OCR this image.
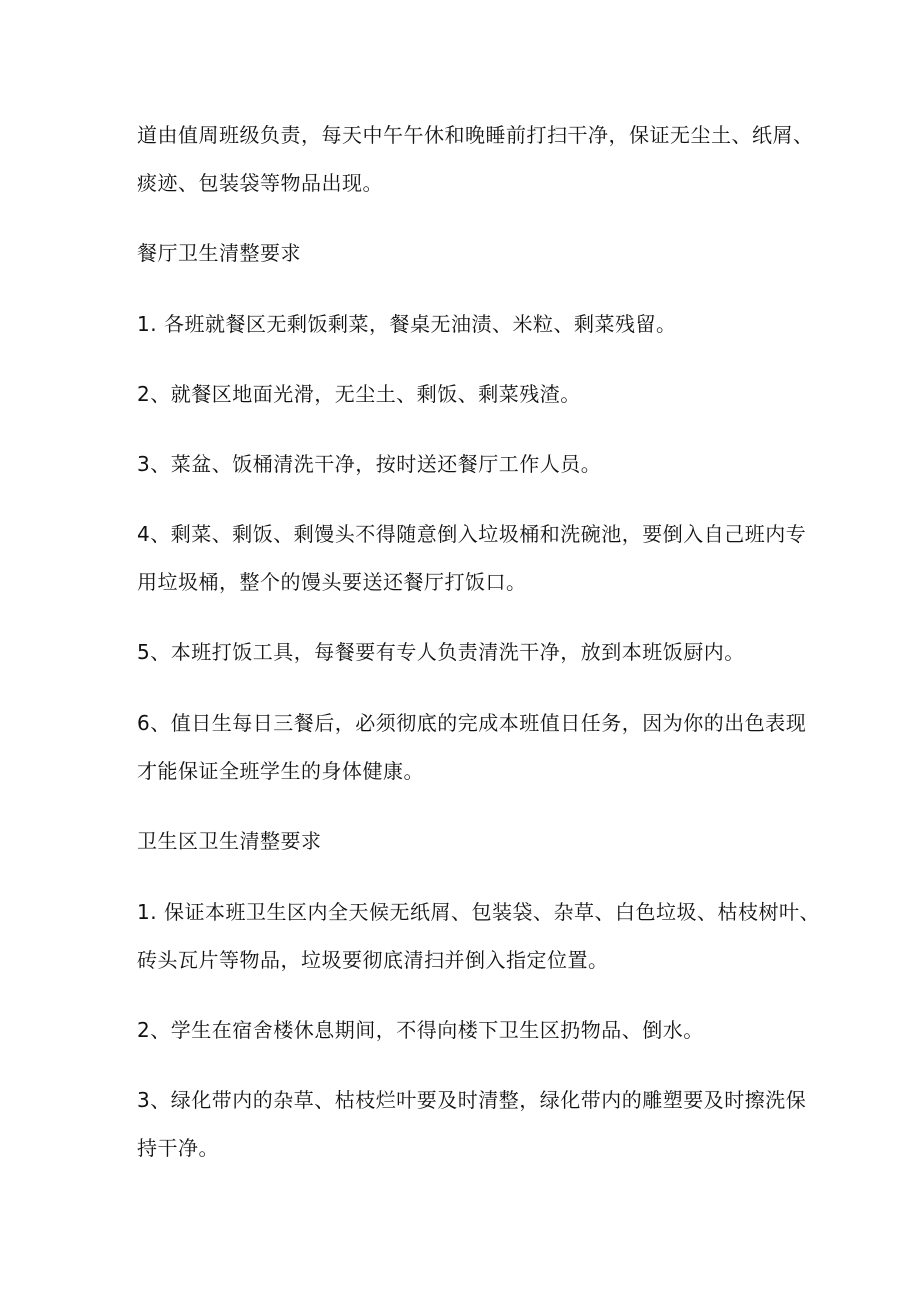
道由值周班级负责，每天中午午休和晚睡前打扫干净，保证无尘土、纸屑、
痰迹、包装袋等物品出现。
餐厅卫生清整要求
1. 各班就餐区无剩饭剩菜，餐桌无油渍、米粒、剩菜残留。
2、就餐区地面光滑，无尘土、剩饭、剩菜残渣。
3、菜盆、饭桶清洗干净，按时送还餐厅工作人员。
4、剩菜、剩饭、剩馒头不得随意倒入垃圾桶和洗碗池，要倒入自己班内专
用垃圾桶，整个的馒头要送还餐厅打饭口。
5、本班打饭工具，每餐要有专人负责清洗干净，放到本班饭厨内。
6、值日生每日三餐后，必须彻底的完成本班值日任务，因为你的出色表现
才能保证全班学生的身体健康。
卫生区卫生清整要求
1. 保证本班卫生区内全天候无纸屑、包装袋、杂草、白色垃圾、枯枝树叶、
砖头瓦片等物品，垃圾要彻底清扫并倒入指定位置。
2、学生在宿舍楼休息期间，不得向楼下卫生区扔物品、倒水。
3、绿化带内的杂草、枯枝烂叶要及时清整，绿化带内的雕塑要及时擦洗保
持干净。
